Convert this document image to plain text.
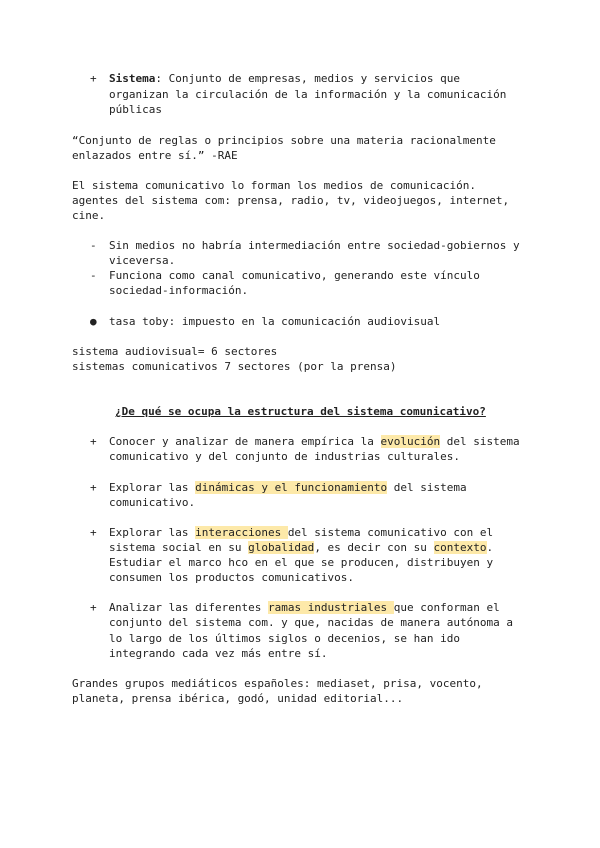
+ Sistema: Conjunto de empresas, medios y servicios que
organizan la circulación de la información y la comunicación
públicas
“Conjunto de reglas o principios sobre una materia racionalmente
enlazados entre sí.” -RAE
El sistema comunicativo lo forman los medios de comunicación.
agentes del sistema com: prensa, radio, tv, videojuegos, internet,
cine.
- Sin medios no habría intermediación entre sociedad-gobiernos y
viceversa.
- Funciona como canal comunicativo, generando este vínculo
sociedad-información.
● tasa toby: impuesto en la comunicación audiovisual
sistema audiovisual= 6 sectores
sistemas comunicativos 7 sectores (por la prensa)
¿De qué se ocupa la estructura del sistema comunicativo?
+ Conocer y analizar de manera empírica la evolución del sistema
comunicativo y del conjunto de industrias culturales.
+ Explorar las dinámicas y el funcionamiento del sistema
comunicativo.
+ Explorar las interacciones del sistema comunicativo con el
sistema social en su globalidad, es decir con su contexto.
Estudiar el marco hco en el que se producen, distribuyen y
consumen los productos comunicativos.
+ Analizar las diferentes ramas industriales que conforman el
conjunto del sistema com. y que, nacidas de manera autónoma a
lo largo de los últimos siglos o decenios, se han ido
integrando cada vez más entre sí.
Grandes grupos mediáticos españoles: mediaset, prisa, vocento,
planeta, prensa ibérica, godó, unidad editorial...
